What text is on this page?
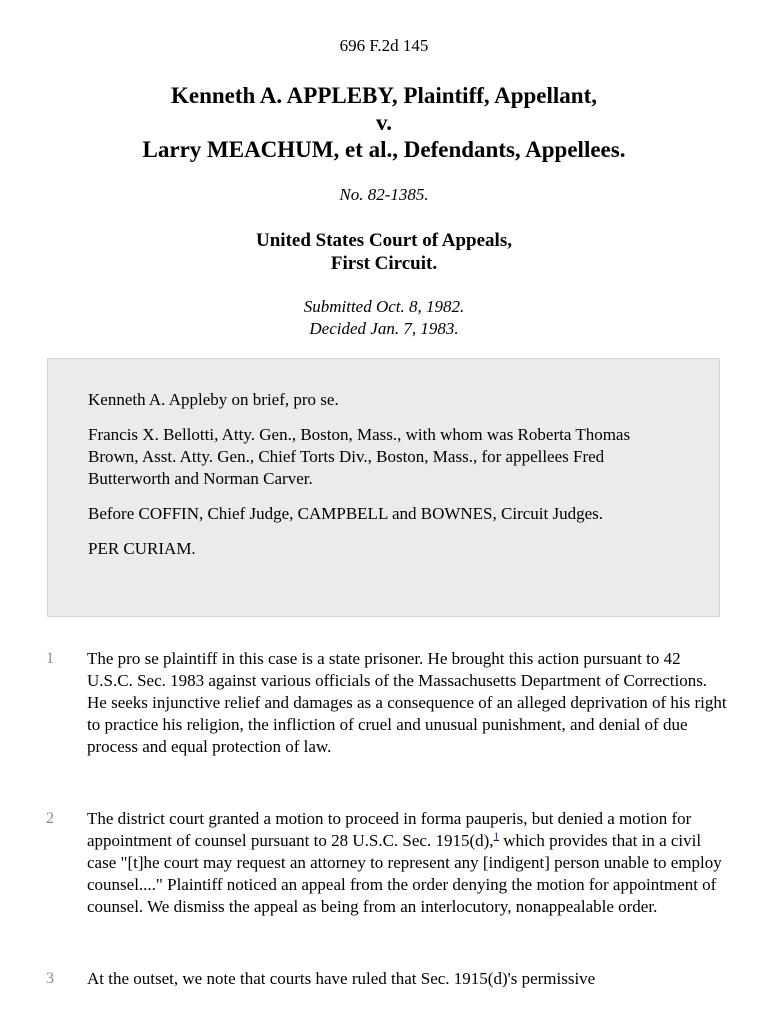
696 F.2d 145
Kenneth A. APPLEBY, Plaintiff, Appellant,
v.
Larry MEACHUM, et al., Defendants, Appellees.
No. 82-1385.
United States Court of Appeals,
First Circuit.
Submitted Oct. 8, 1982.
Decided Jan. 7, 1983.

Kenneth A. Appleby on brief, pro se.

Francis X. Bellotti, Atty. Gen., Boston, Mass., with whom was Roberta Thomas Brown, Asst. Atty. Gen., Chief Torts Div., Boston, Mass., for appellees Fred Butterworth and Norman Carver.

Before COFFIN, Chief Judge, CAMPBELL and BOWNES, Circuit Judges.

PER CURIAM.

1 The pro se plaintiff in this case is a state prisoner. He brought this action pursuant to 42 U.S.C. Sec. 1983 against various officials of the Massachusetts Department of Corrections. He seeks injunctive relief and damages as a consequence of an alleged deprivation of his right to practice his religion, the infliction of cruel and unusual punishment, and denial of due process and equal protection of law.
2 The district court granted a motion to proceed in forma pauperis, but denied a motion for appointment of counsel pursuant to 28 U.S.C. Sec. 1915(d),$^1$ which provides that in a civil case "[t]he court may request an attorney to represent any [indigent] person unable to employ counsel...." Plaintiff noticed an appeal from the order denying the motion for appointment of counsel. We dismiss the appeal as being from an interlocutory, nonappealable order.
3 At the outset, we note that courts have ruled that Sec. 1915(d)'s permissive
